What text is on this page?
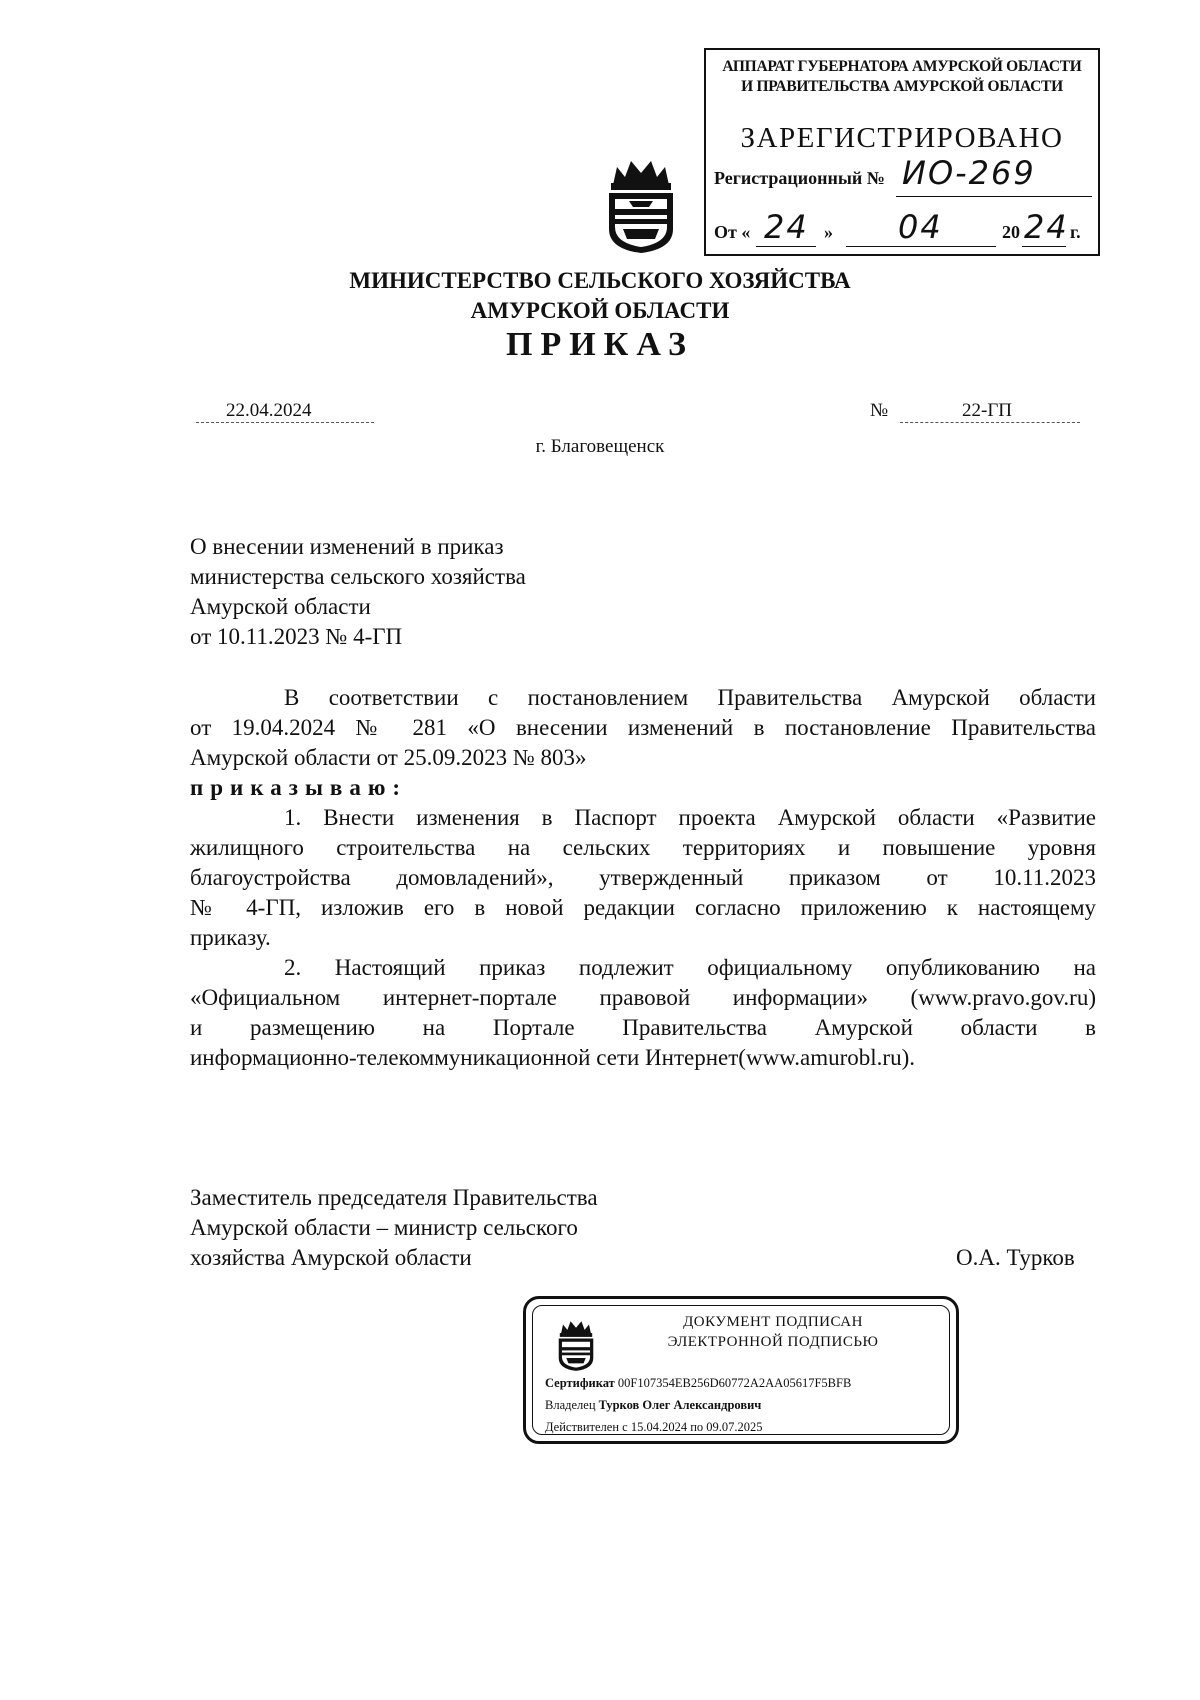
АППАРАТ ГУБЕРНАТОРА АМУРСКОЙ ОБЛАСТИ
И ПРАВИТЕЛЬСТВА АМУРСКОЙ ОБЛАСТИ
ЗАРЕГИСТРИРОВАНО
Регистрационный № ИО-269
От « 24 » 04	20 24 г.
МИНИСТЕРСТВО СЕЛЬСКОГО ХОЗЯЙСТВА
АМУРСКОЙ ОБЛАСТИ
ПРИКАЗ
22.04.2024	№	22-ГП
г. Благовещенск
О внесении изменений в приказ
министерства сельского хозяйства
Амурской области
от 10.11.2023 № 4-ГП
В соответствии с постановлением Правительства Амурской области
от 19.04.2024 № 281 «О внесении изменений в постановление Правительства
Амурской области от 25.09.2023 № 803»
приказываю:
1. Внести изменения в Паспорт проекта Амурской области «Развитие
жилищного строительства на сельских территориях и повышение уровня
благоустройства домовладений», утвержденный приказом от 10.11.2023
№ 4-ГП, изложив его в новой редакции согласно приложению к настоящему
приказу.
2. Настоящий приказ подлежит официальному опубликованию на
«Официальном интернет-портале правовой информации» (www.pravo.gov.ru)
и размещению на Портале Правительства Амурской области в
информационно-телекоммуникационной сети Интернет(www.amurobl.ru).
Заместитель председателя Правительства
Амурской области – министр сельского
хозяйства Амурской области	О.А. Турков
ДОКУМЕНТ ПОДПИСАН
ЭЛЕКТРОННОЙ ПОДПИСЬЮ
Сертификат 00F107354EB256D60772A2AA05617F5BFB
Владелец Турков Олег Александрович
Действителен с 15.04.2024 по 09.07.2025
